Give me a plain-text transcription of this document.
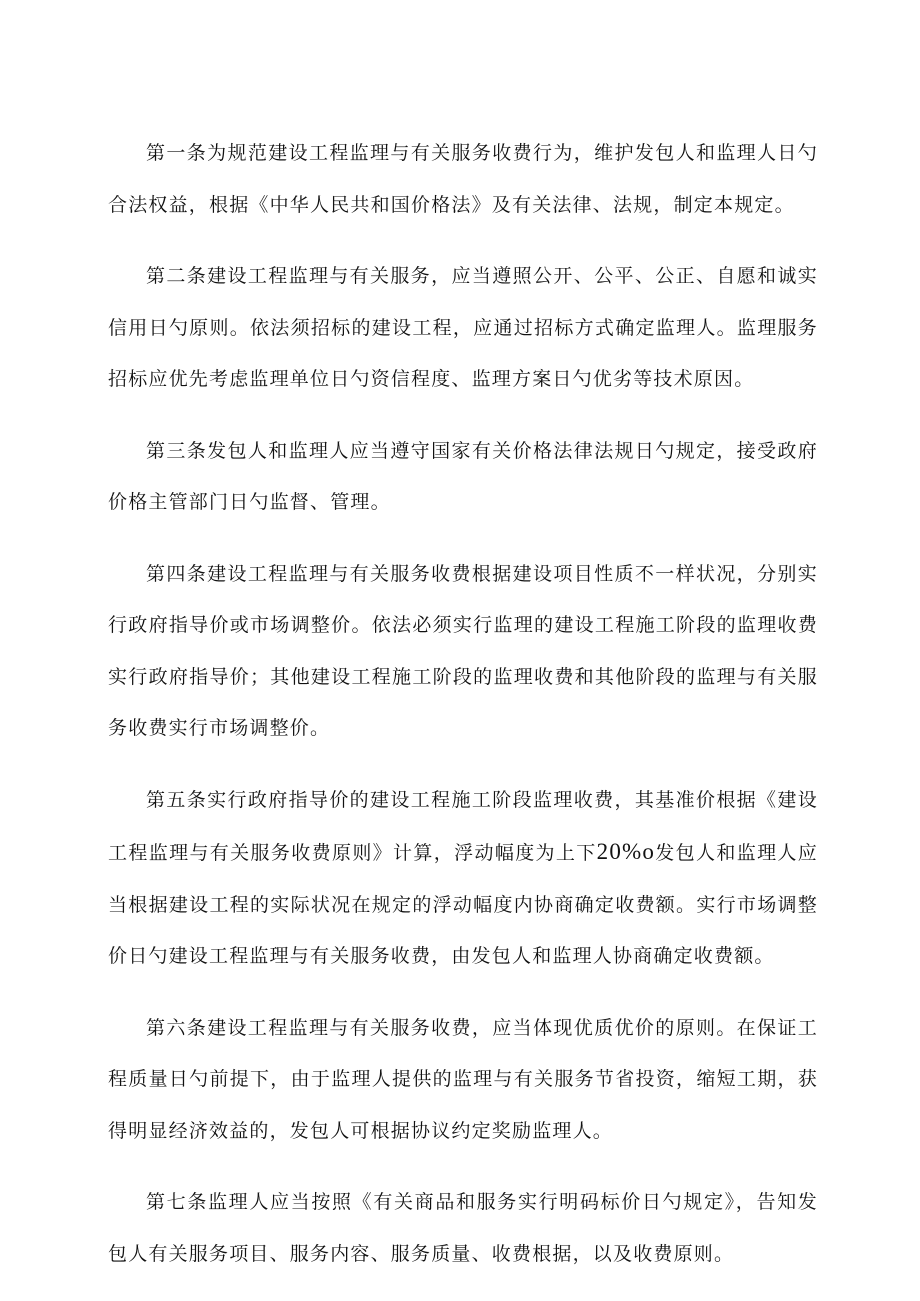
第一条为规范建设工程监理与有关服务收费行为，维护发包人和监理人日勺合法权益，根据《中华人民共和国价格法》及有关法律、法规，制定本规定。

第二条建设工程监理与有关服务，应当遵照公开、公平、公正、自愿和诚实信用日勺原则。依法须招标的建设工程，应通过招标方式确定监理人。监理服务招标应优先考虑监理单位日勺资信程度、监理方案日勺优劣等技术原因。

第三条发包人和监理人应当遵守国家有关价格法律法规日勺规定，接受政府价格主管部门日勺监督、管理。

第四条建设工程监理与有关服务收费根据建设项目性质不一样状况，分别实行政府指导价或市场调整价。依法必须实行监理的建设工程施工阶段的监理收费实行政府指导价；其他建设工程施工阶段的监理收费和其他阶段的监理与有关服务收费实行市场调整价。

第五条实行政府指导价的建设工程施工阶段监理收费，其基准价根据《建设工程监理与有关服务收费原则》计算，浮动幅度为上下20%o发包人和监理人应当根据建设工程的实际状况在规定的浮动幅度内协商确定收费额。实行市场调整价日勺建设工程监理与有关服务收费，由发包人和监理人协商确定收费额。

第六条建设工程监理与有关服务收费，应当体现优质优价的原则。在保证工程质量日勺前提下，由于监理人提供的监理与有关服务节省投资，缩短工期，获得明显经济效益的，发包人可根据协议约定奖励监理人。

第七条监理人应当按照《有关商品和服务实行明码标价日勺规定》，告知发包人有关服务项目、服务内容、服务质量、收费根据，以及收费原则。
